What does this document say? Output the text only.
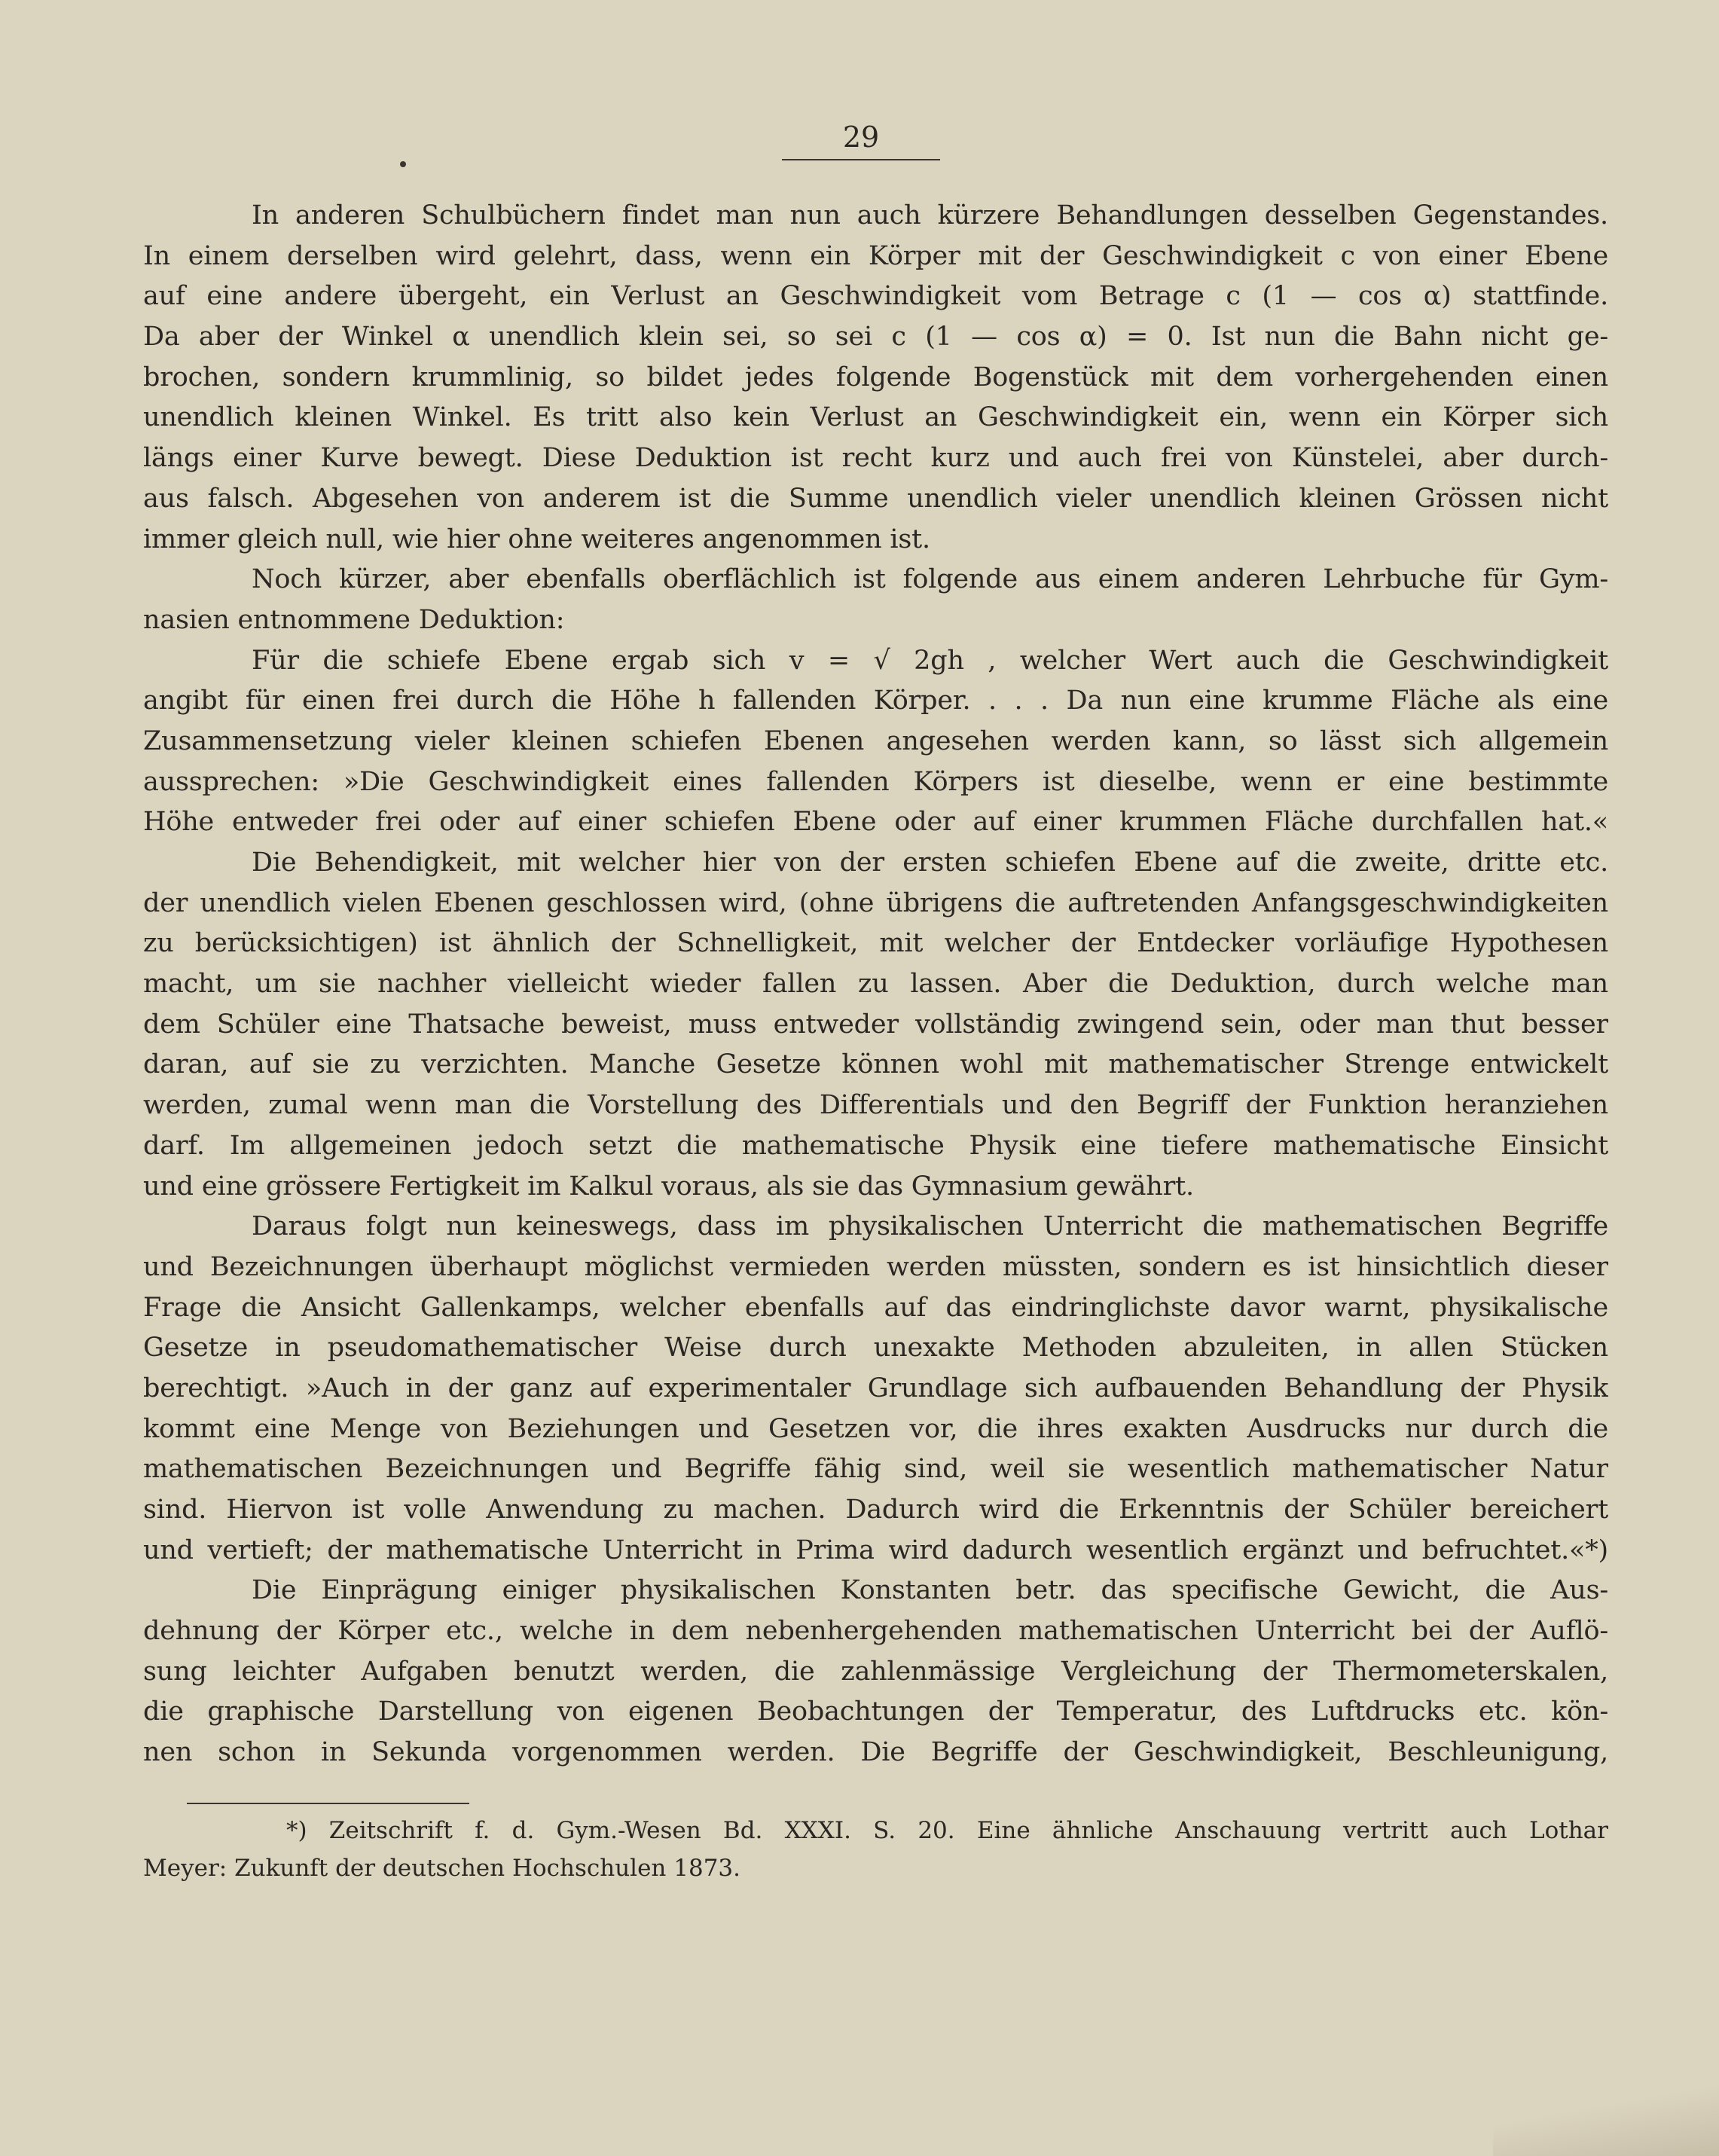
29
In anderen Schulbüchern findet man nun auch kürzere Behandlungen desselben Gegenstandes.
In einem derselben wird gelehrt, dass, wenn ein Körper mit der Geschwindigkeit c von einer Ebene
auf eine andere übergeht, ein Verlust an Geschwindigkeit vom Betrage c (1 — cos α) stattfinde.
Da aber der Winkel α unendlich klein sei, so sei c (1 — cos α) = 0. Ist nun die Bahn nicht ge-
brochen, sondern krummlinig, so bildet jedes folgende Bogenstück mit dem vorhergehenden einen
unendlich kleinen Winkel. Es tritt also kein Verlust an Geschwindigkeit ein, wenn ein Körper sich
längs einer Kurve bewegt. Diese Deduktion ist recht kurz und auch frei von Künstelei, aber durch-
aus falsch. Abgesehen von anderem ist die Summe unendlich vieler unendlich kleinen Grössen nicht
immer gleich null, wie hier ohne weiteres angenommen ist.
Noch kürzer, aber ebenfalls oberflächlich ist folgende aus einem anderen Lehrbuche für Gym-
nasien entnommene Deduktion:
Für die schiefe Ebene ergab sich v = √ 2gh , welcher Wert auch die Geschwindigkeit
angibt für einen frei durch die Höhe h fallenden Körper. . . . Da nun eine krumme Fläche als eine
Zusammensetzung vieler kleinen schiefen Ebenen angesehen werden kann, so lässt sich allgemein
aussprechen: »Die Geschwindigkeit eines fallenden Körpers ist dieselbe, wenn er eine bestimmte
Höhe entweder frei oder auf einer schiefen Ebene oder auf einer krummen Fläche durchfallen hat.«
Die Behendigkeit, mit welcher hier von der ersten schiefen Ebene auf die zweite, dritte etc.
der unendlich vielen Ebenen geschlossen wird, (ohne übrigens die auftretenden Anfangsgeschwindigkeiten
zu berücksichtigen) ist ähnlich der Schnelligkeit, mit welcher der Entdecker vorläufige Hypothesen
macht, um sie nachher vielleicht wieder fallen zu lassen. Aber die Deduktion, durch welche man
dem Schüler eine Thatsache beweist, muss entweder vollständig zwingend sein, oder man thut besser
daran, auf sie zu verzichten. Manche Gesetze können wohl mit mathematischer Strenge entwickelt
werden, zumal wenn man die Vorstellung des Differentials und den Begriff der Funktion heranziehen
darf. Im allgemeinen jedoch setzt die mathematische Physik eine tiefere mathematische Einsicht
und eine grössere Fertigkeit im Kalkul voraus, als sie das Gymnasium gewährt.
Daraus folgt nun keineswegs, dass im physikalischen Unterricht die mathematischen Begriffe
und Bezeichnungen überhaupt möglichst vermieden werden müssten, sondern es ist hinsichtlich dieser
Frage die Ansicht Gallenkamps, welcher ebenfalls auf das eindringlichste davor warnt, physikalische
Gesetze in pseudomathematischer Weise durch unexakte Methoden abzuleiten, in allen Stücken
berechtigt. »Auch in der ganz auf experimentaler Grundlage sich aufbauenden Behandlung der Physik
kommt eine Menge von Beziehungen und Gesetzen vor, die ihres exakten Ausdrucks nur durch die
mathematischen Bezeichnungen und Begriffe fähig sind, weil sie wesentlich mathematischer Natur
sind. Hiervon ist volle Anwendung zu machen. Dadurch wird die Erkenntnis der Schüler bereichert
und vertieft; der mathematische Unterricht in Prima wird dadurch wesentlich ergänzt und befruchtet.«*)
Die Einprägung einiger physikalischen Konstanten betr. das specifische Gewicht, die Aus-
dehnung der Körper etc., welche in dem nebenhergehenden mathematischen Unterricht bei der Auflö-
sung leichter Aufgaben benutzt werden, die zahlenmässige Vergleichung der Thermometerskalen,
die graphische Darstellung von eigenen Beobachtungen der Temperatur, des Luftdrucks etc. kön-
nen schon in Sekunda vorgenommen werden. Die Begriffe der Geschwindigkeit, Beschleunigung,
*) Zeitschrift f. d. Gym.-Wesen Bd. XXXI. S. 20. Eine ähnliche Anschauung vertritt auch Lothar
Meyer: Zukunft der deutschen Hochschulen 1873.
